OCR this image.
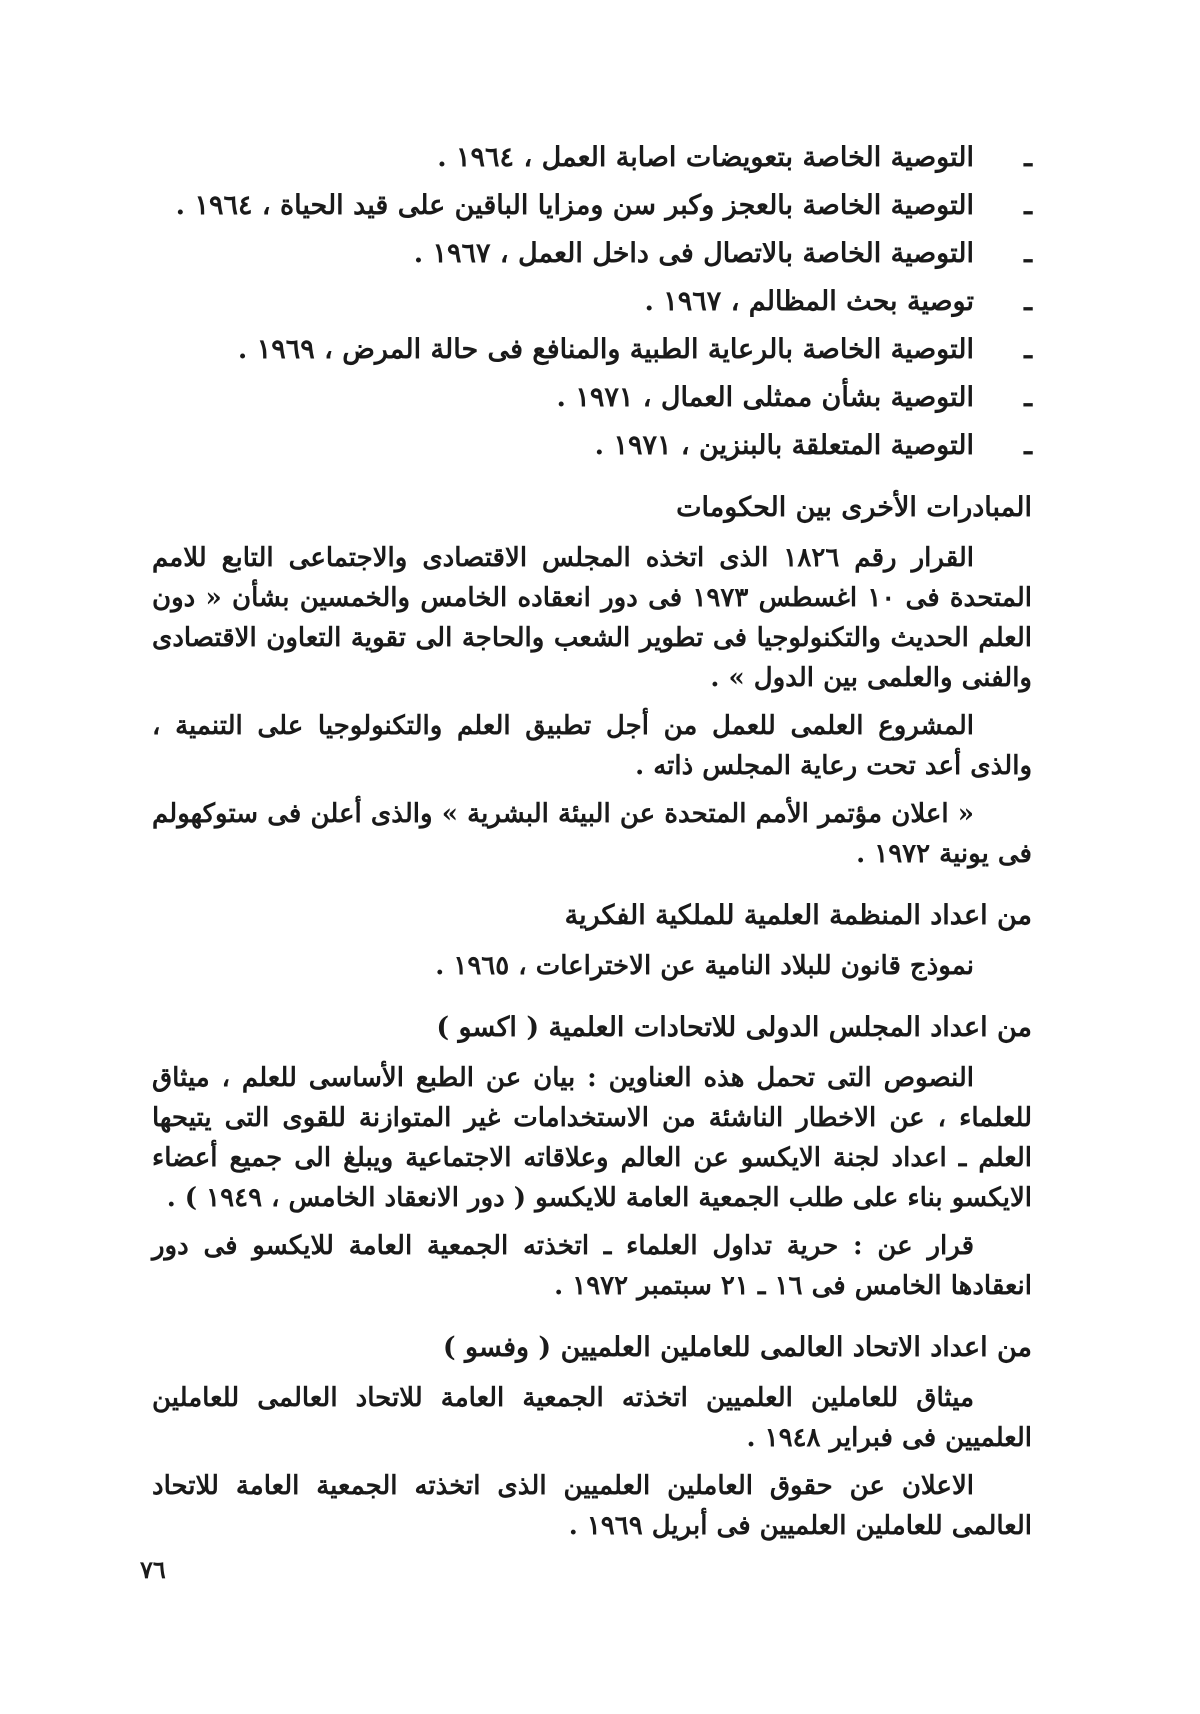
ـ التوصية الخاصة بتعويضات اصابة العمل ، ١٩٦٤ .
ـ التوصية الخاصة بالعجز وكبر سن ومزايا الباقين على قيد الحياة ، ١٩٦٤ .
ـ التوصية الخاصة بالاتصال فى داخل العمل ، ١٩٦٧ .
ـ توصية بحث المظالم ، ١٩٦٧ .
ـ التوصية الخاصة بالرعاية الطبية والمنافع فى حالة المرض ، ١٩٦٩ .
ـ التوصية بشأن ممثلى العمال ، ١٩٧١ .
ـ التوصية المتعلقة بالبنزين ، ١٩٧١ .
المبادرات الأخرى بين الحكومات

القرار رقم ١٨٢٦ الذى اتخذه المجلس الاقتصادى والاجتماعى التابع للامم المتحدة فى ١٠ اغسطس ١٩٧٣ فى دور انعقاده الخامس والخمسين بشأن « دون العلم الحديث والتكنولوجيا فى تطوير الشعب والحاجة الى تقوية التعاون الاقتصادى والفنى والعلمى بين الدول » .

المشروع العلمى للعمل من أجل تطبيق العلم والتكنولوجيا على التنمية ، والذى أعد تحت رعاية المجلس ذاته .

« اعلان مؤتمر الأمم المتحدة عن البيئة البشرية » والذى أعلن فى ستوكهولم فى يونية ١٩٧٢ .

من اعداد المنظمة العلمية للملكية الفكرية

نموذج قانون للبلاد النامية عن الاختراعات ، ١٩٦٥ .

من اعداد المجلس الدولى للاتحادات العلمية ( اكسو )

النصوص التى تحمل هذه العناوين : بيان عن الطبع الأساسى للعلم ، ميثاق للعلماء ، عن الاخطار الناشئة من الاستخدامات غير المتوازنة للقوى التى يتيحها العلم ـ اعداد لجنة الايكسو عن العالم وعلاقاته الاجتماعية ويبلغ الى جميع أعضاء الايكسو بناء على طلب الجمعية العامة للايكسو ( دور الانعقاد الخامس ، ١٩٤٩ ) .

قرار عن : حرية تداول العلماء ـ اتخذته الجمعية العامة للايكسو فى دور انعقادها الخامس فى ١٦ ـ ٢١ سبتمبر ١٩٧٢ .

من اعداد الاتحاد العالمى للعاملين العلميين ( وفسو )

ميثاق للعاملين العلميين اتخذته الجمعية العامة للاتحاد العالمى للعاملين العلميين فى فبراير ١٩٤٨ .

الاعلان عن حقوق العاملين العلميين الذى اتخذته الجمعية العامة للاتحاد العالمى للعاملين العلميين فى أبريل ١٩٦٩ .

٧٦
